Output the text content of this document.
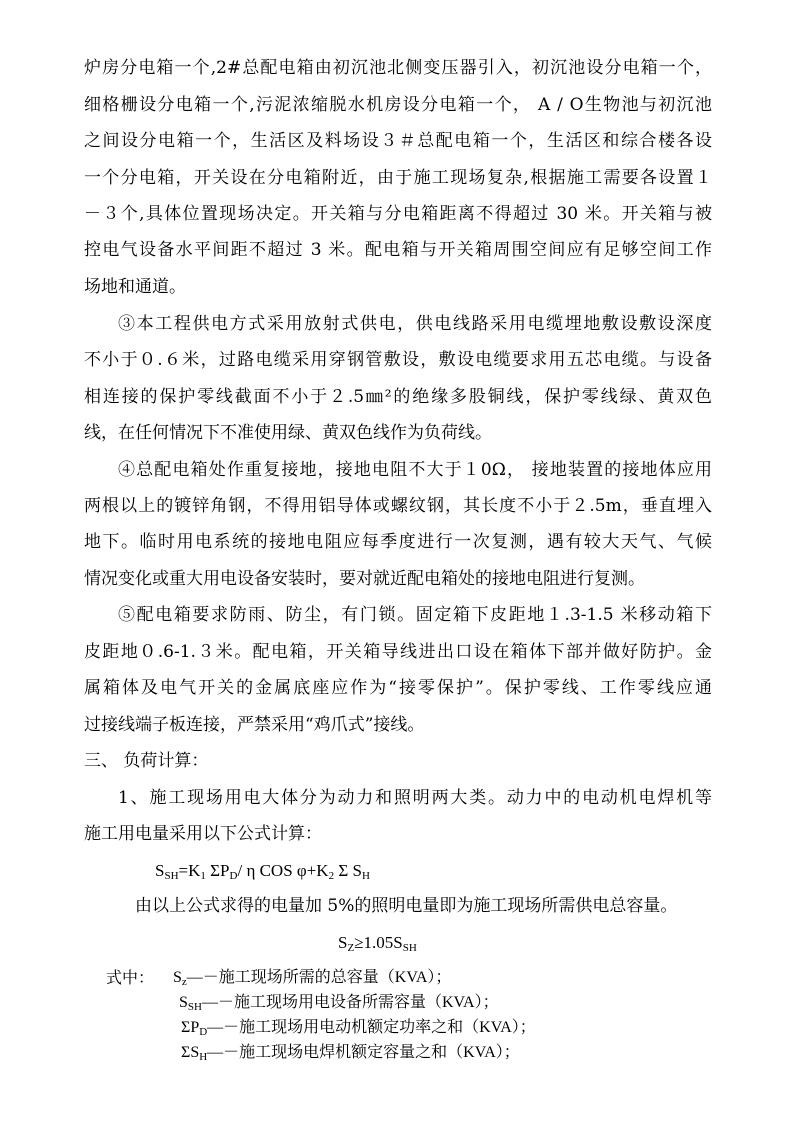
炉房分电箱一个,2#总配电箱由初沉池北侧变压器引入，初沉池设分电箱一个，
细格栅设分电箱一个,污泥浓缩脱水机房设分电箱一个， A / O生物池与初沉池
之间设分电箱一个，生活区及料场设３＃总配电箱一个，生活区和综合楼各设
一个分电箱，开关设在分电箱附近，由于施工现场复杂,根据施工需要各设置１
－３个,具体位置现场决定。开关箱与分电箱距离不得超过 30 米。开关箱与被
控电气设备水平间距不超过 3 米。配电箱与开关箱周围空间应有足够空间工作
场地和通道。
③本工程供电方式采用放射式供电，供电线路采用电缆埋地敷设敷设深度
不小于０.６米，过路电缆采用穿钢管敷设，敷设电缆要求用五芯电缆。与设备
相连接的保护零线截面不小于２.5㎜²的绝缘多股铜线，保护零线绿、黄双色
线，在任何情况下不准使用绿、黄双色线作为负荷线。
④总配电箱处作重复接地，接地电阻不大于１0Ω， 接地装置的接地体应用
两根以上的镀锌角钢，不得用铝导体或螺纹钢，其长度不小于２.5m，垂直埋入
地下。临时用电系统的接地电阻应每季度进行一次复测，遇有较大天气、气候
情况变化或重大用电设备安装时，要对就近配电箱处的接地电阻进行复测。
⑤配电箱要求防雨、防尘，有门锁。固定箱下皮距地１.3-1.5 米移动箱下
皮距地０.6-1.３米。配电箱，开关箱导线进出口设在箱体下部并做好防护。金
属箱体及电气开关的金属底座应作为“接零保护”。保护零线、工作零线应通
过接线端子板连接，严禁采用“鸡爪式”接线。
三、 负荷计算：
1、施工现场用电大体分为动力和照明两大类。动力中的电动机电焊机等
施工用电量采用以下公式计算：
$S_{SH}=K_1$ $\Sigma P_D/$ η COS $\varphi+K_2$ Σ $S_H$
由以上公式求得的电量加 5%的照明电量即为施工现场所需供电总容量。
$S_Z\ge 1.05S_{SH}$
式中： $S_z—-$施工现场所需的总容量（KVA）；
$S_{SH}—-$施工现场用电设备所需容量（KVA）；
$\Sigma P_D—-$施工现场用电动机额定功率之和（KVA）；
$\Sigma S_H—-$施工现场电焊机额定容量之和（KVA）；
